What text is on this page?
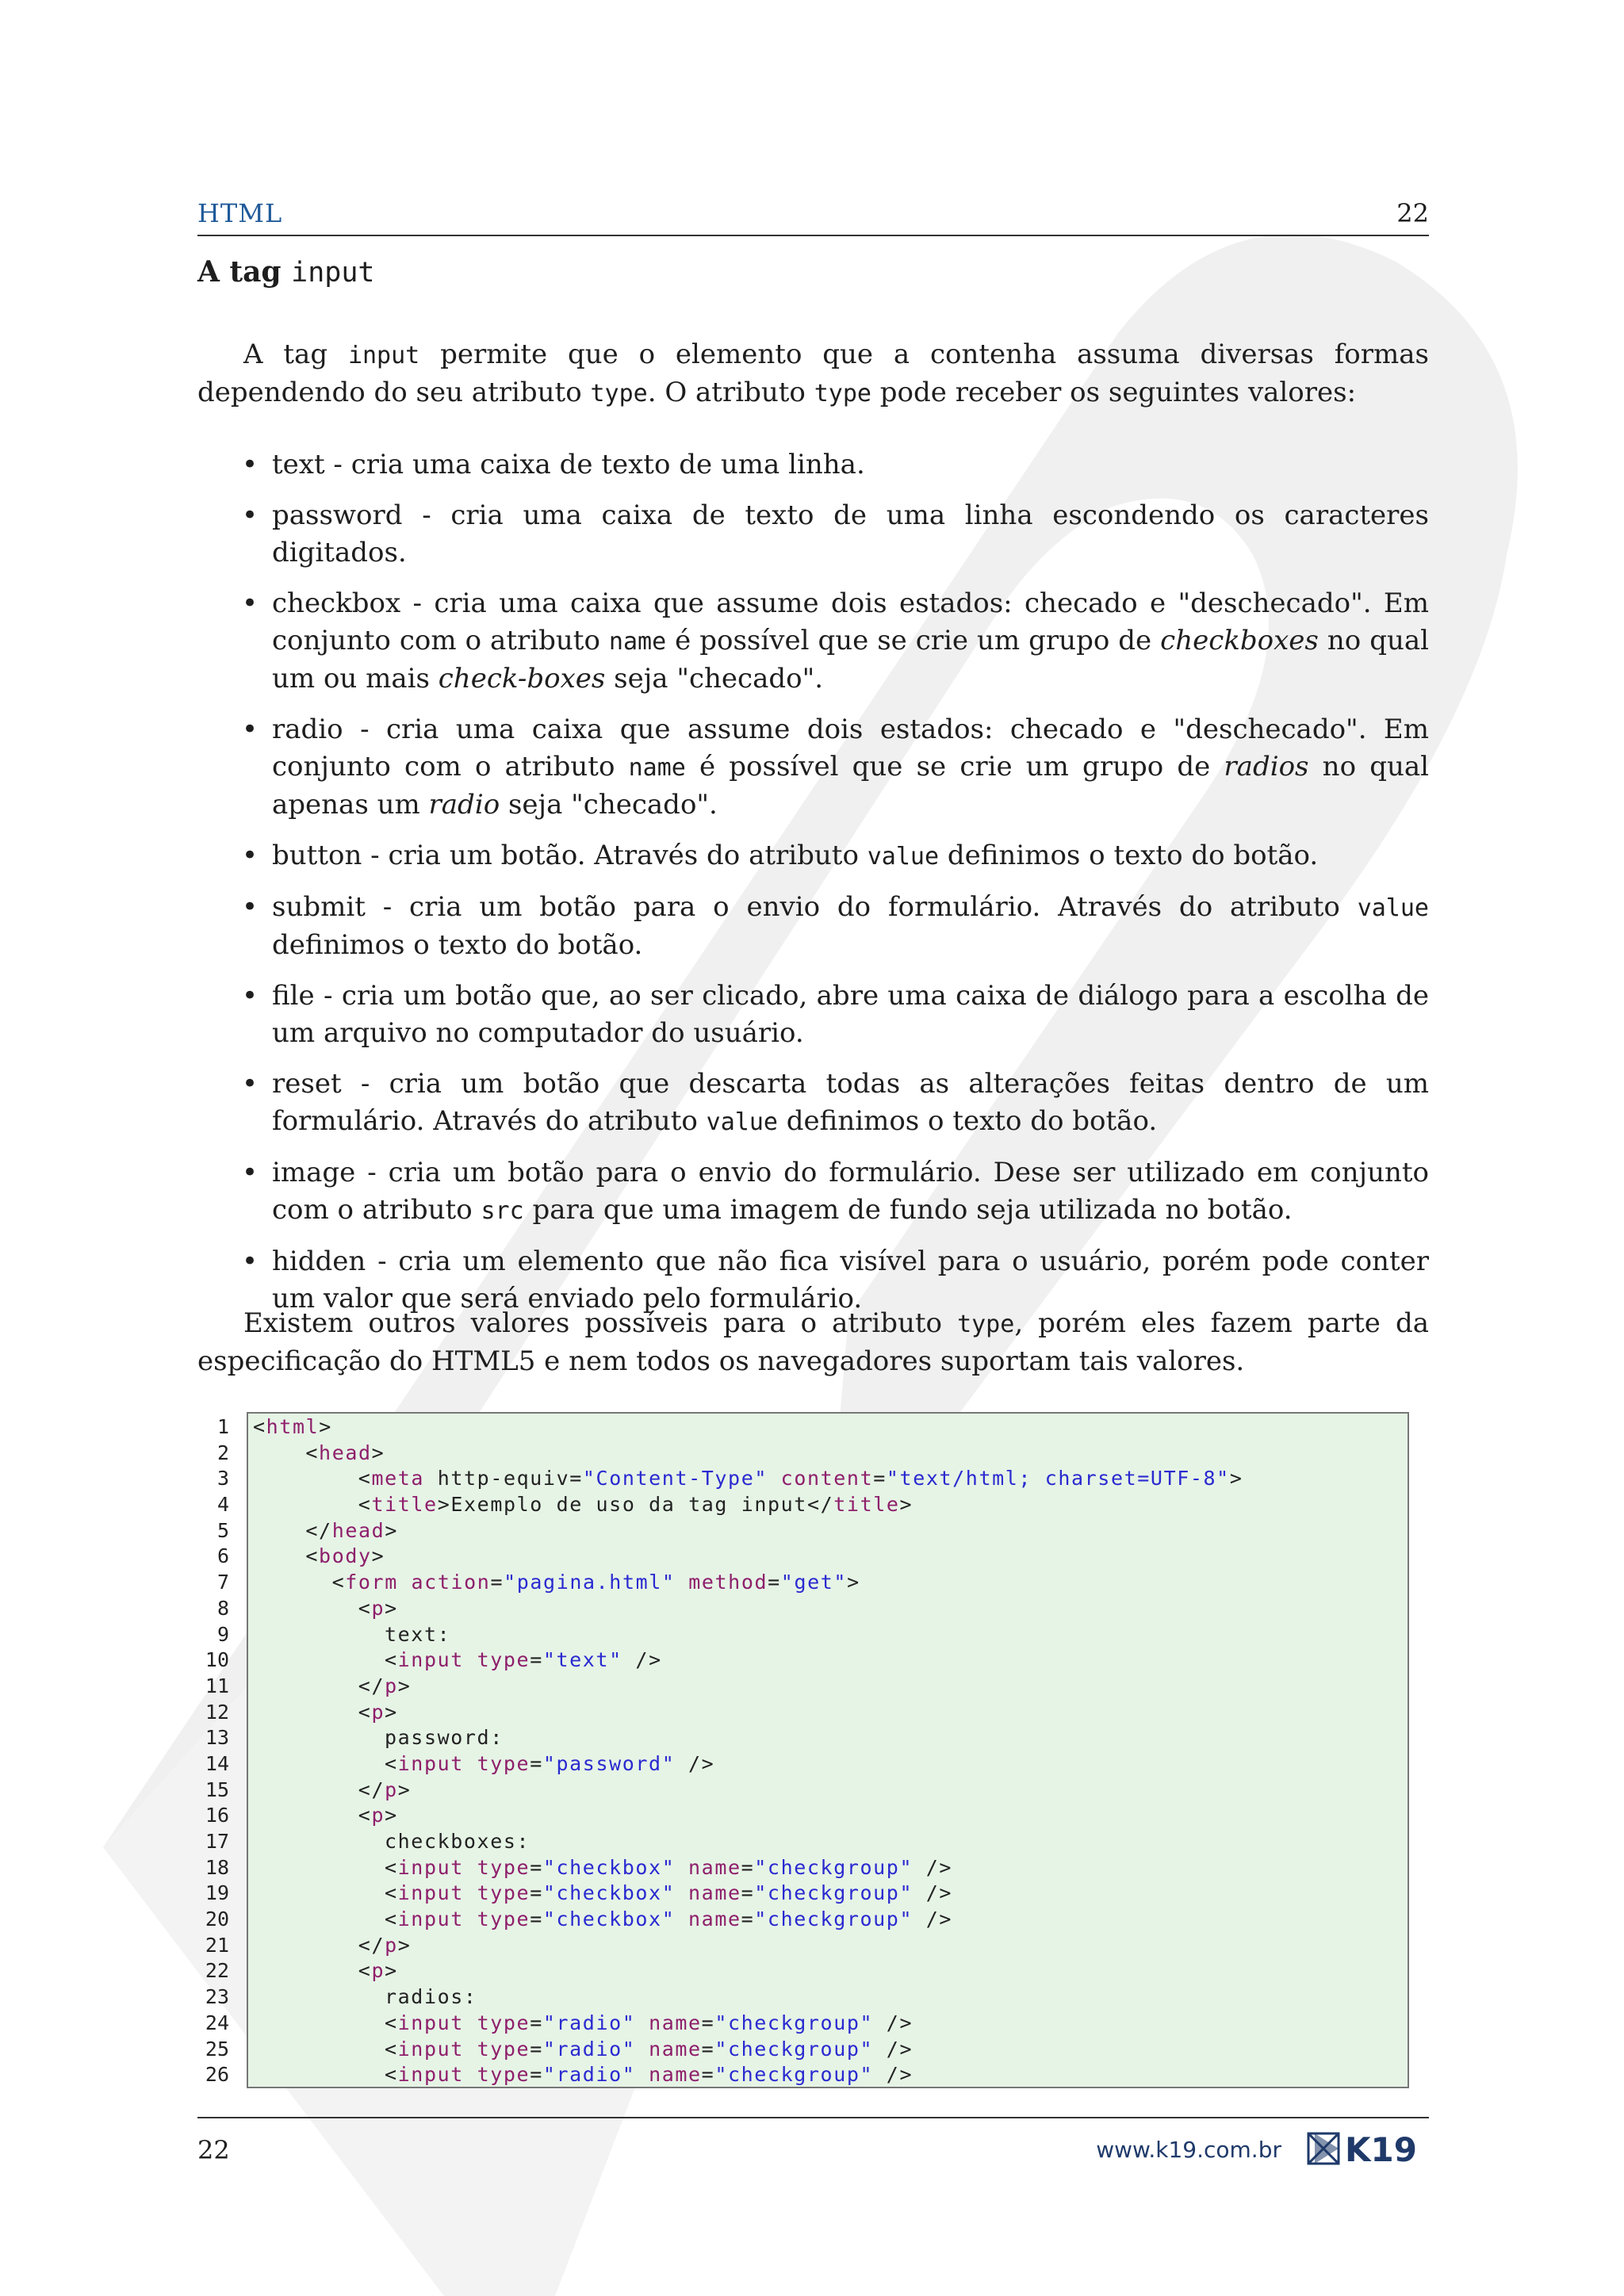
HTML	22
A tag input

A tag input permite que o elemento que a contenha assuma diversas formas dependendo do seu atributo type. O atributo type pode receber os seguintes valores:

• text - cria uma caixa de texto de uma linha.
• password - cria uma caixa de texto de uma linha escondendo os caracteres digitados.
• checkbox - cria uma caixa que assume dois estados: checado e "deschecado". Em conjunto com o atributo name é possível que se crie um grupo de checkboxes no qual um ou mais check-boxes seja "checado".
• radio - cria uma caixa que assume dois estados: checado e "deschecado". Em conjunto com o atributo name é possível que se crie um grupo de radios no qual apenas um radio seja "checado".
• button - cria um botão. Através do atributo value definimos o texto do botão.
• submit - cria um botão para o envio do formulário. Através do atributo value definimos o texto do botão.
• file - cria um botão que, ao ser clicado, abre uma caixa de diálogo para a escolha de um arquivo no computador do usuário.
• reset - cria um botão que descarta todas as alterações feitas dentro de um formulário. Através do atributo value definimos o texto do botão.
• image - cria um botão para o envio do formulário. Dese ser utilizado em conjunto com o atributo src para que uma imagem de fundo seja utilizada no botão.
• hidden - cria um elemento que não fica visível para o usuário, porém pode conter um valor que será enviado pelo formulário.

Existem outros valores possíveis para o atributo type, porém eles fazem parte da especificação do HTML5 e nem todos os navegadores suportam tais valores.

1 <html>
2	<head>
3	<meta http-equiv="Content-Type" content="text/html; charset=UTF-8">
4	<title>Exemplo de uso da tag input</title>
5	</head>
6	<body>
7	<form action="pagina.html" method="get">
8	<p>
9	text:
10	<input type="text" />
11	</p>
12	<p>
13	password:
14	<input type="password" />
15	</p>
16	<p>
17	checkboxes:
18	<input type="checkbox" name="checkgroup" />
19	<input type="checkbox" name="checkgroup" />
20	<input type="checkbox" name="checkgroup" />
21	</p>
22	<p>
23	radios:
24	<input type="radio" name="checkgroup" />
25	<input type="radio" name="checkgroup" />
26	<input type="radio" name="checkgroup" />
22	www.k19.com.br K19
